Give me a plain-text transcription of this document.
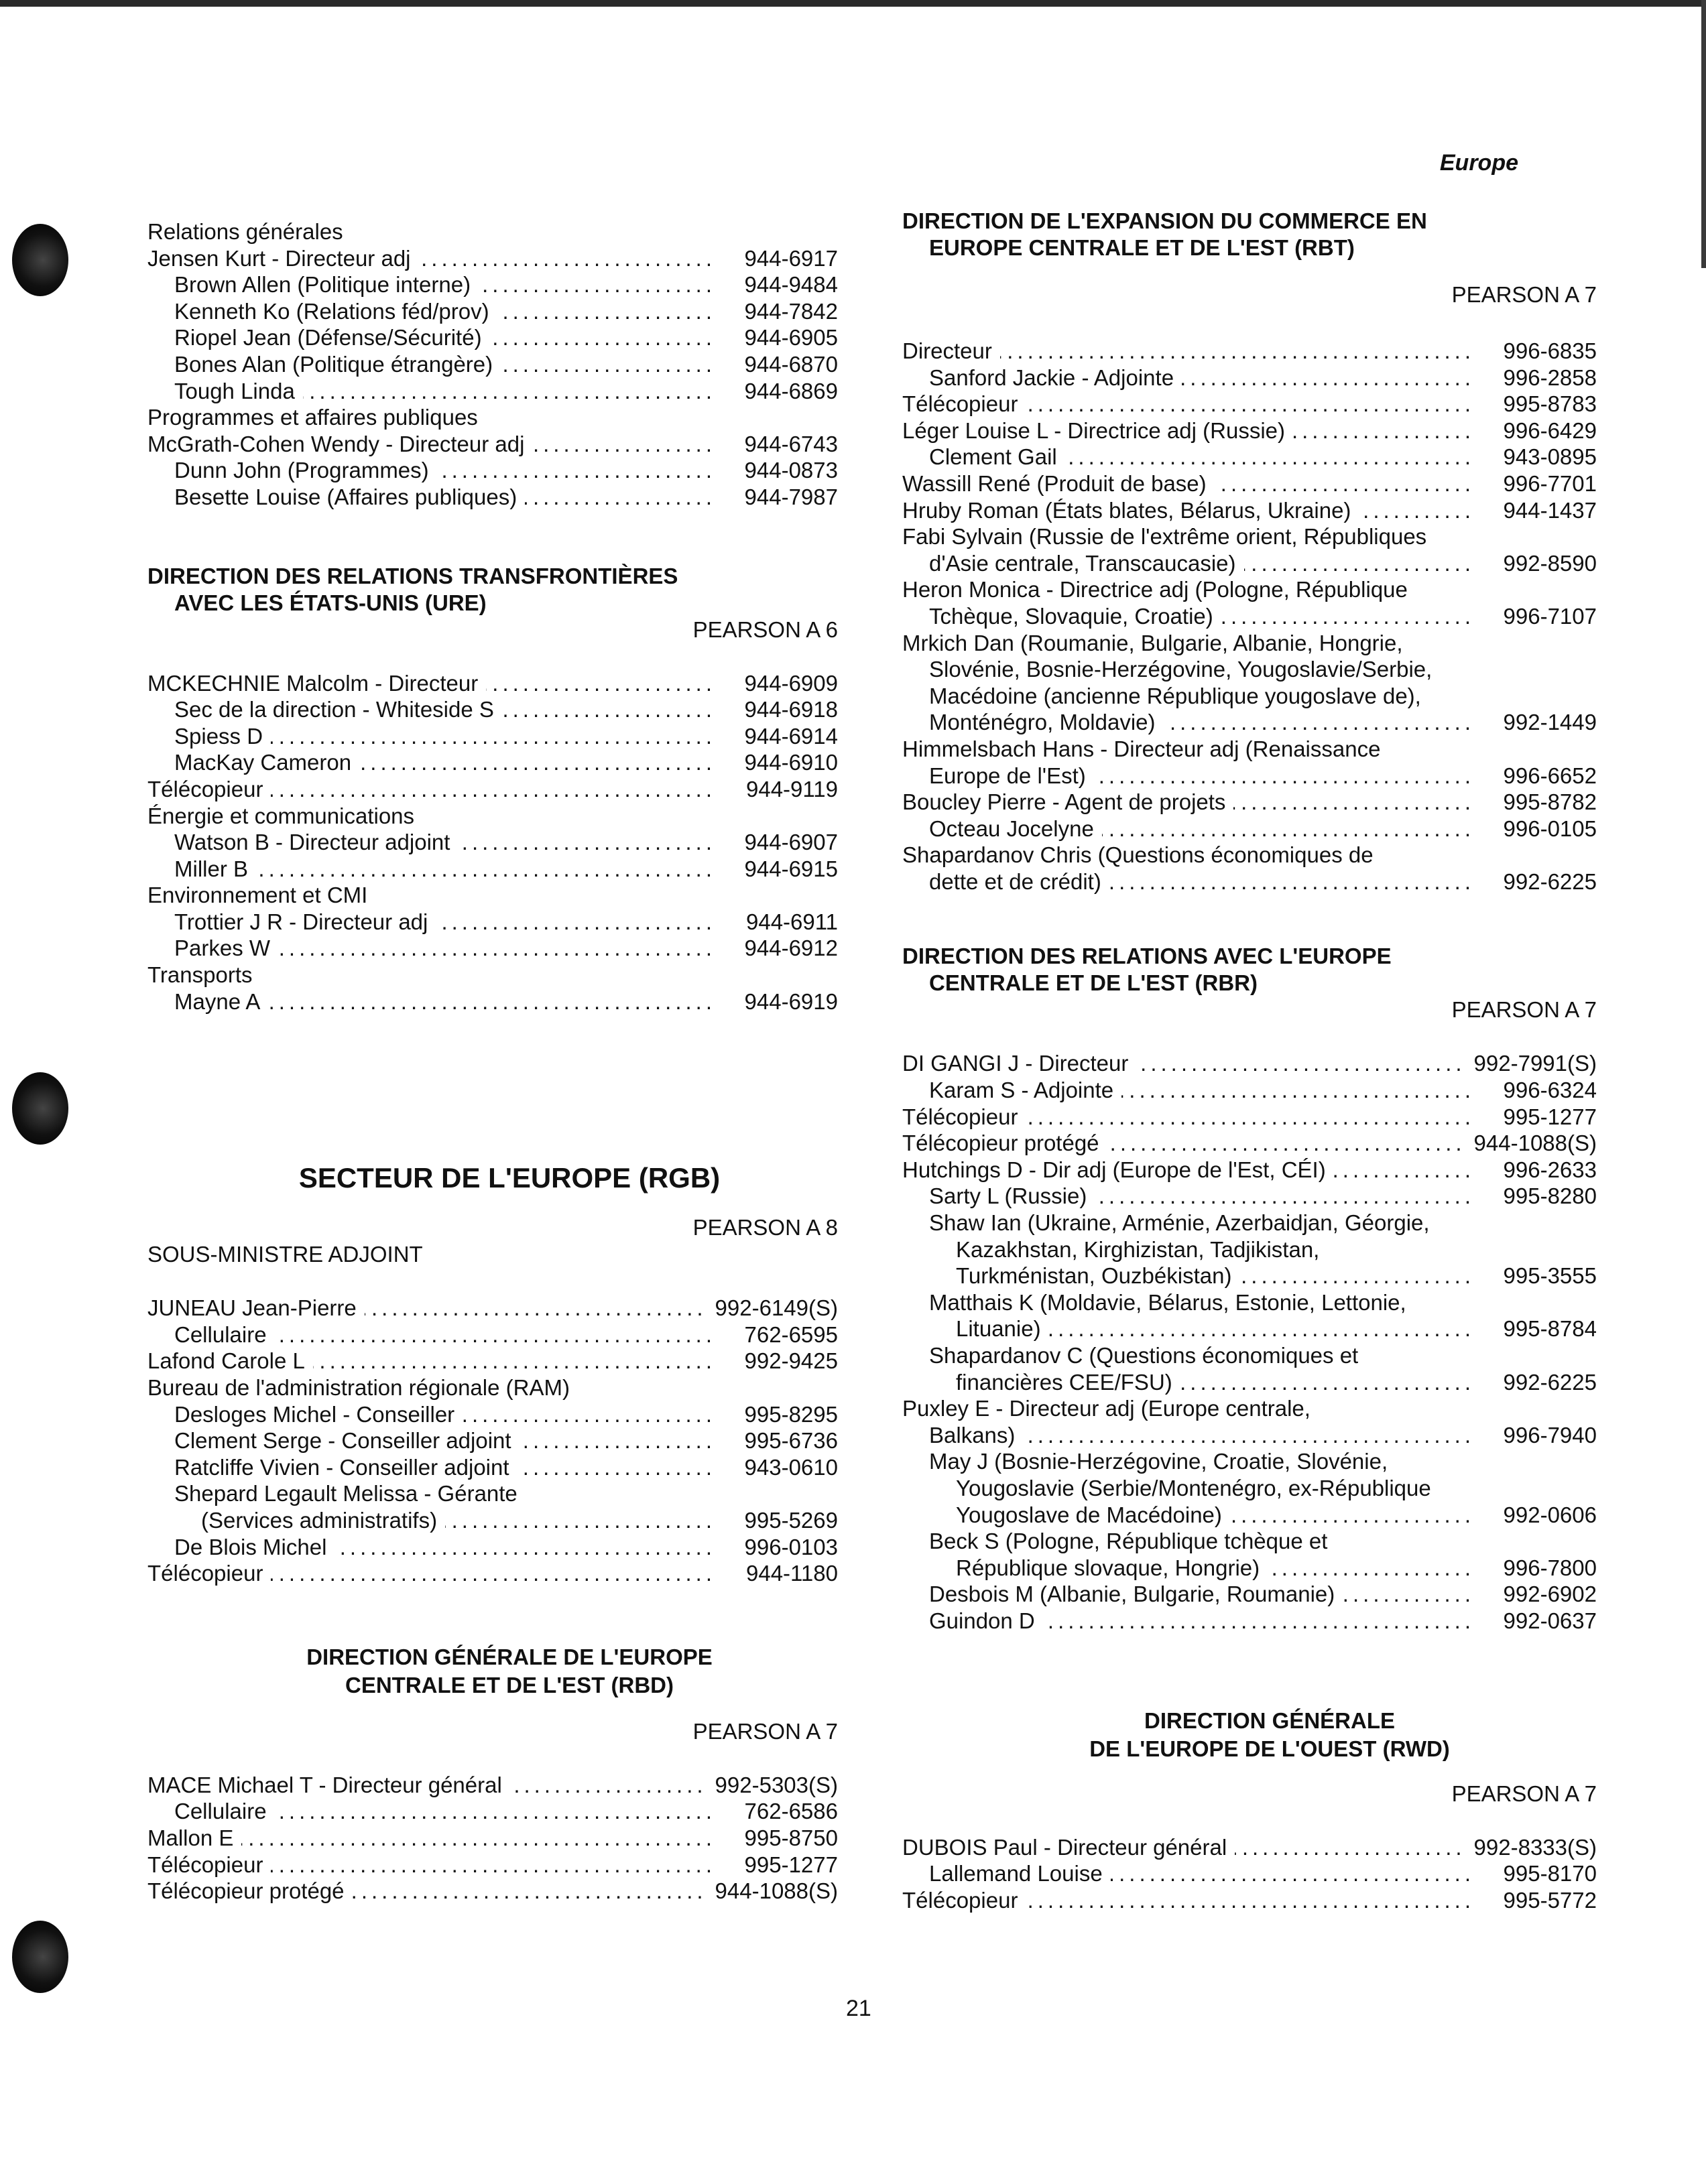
Europe
Relations générales
Jensen Kurt - Directeur adj .....	944-6917
Brown Allen (Politique interne) .....	944-9484
Kenneth Ko (Relations féd/prov) .....	944-7842
Riopel Jean (Défense/Sécurité) .....	944-6905
Bones Alan (Politique étrangère) .....	944-6870
Tough Linda .....	944-6869
Programmes et affaires publiques
McGrath-Cohen Wendy - Directeur adj .....	944-6743
Dunn John (Programmes) .....	944-0873
Besette Louise (Affaires publiques) .....	944-7987
DIRECTION DES RELATIONS TRANSFRONTIÈRES
AVEC LES ÉTATS-UNIS (URE)
PEARSON A 6
MCKECHNIE Malcolm - Directeur .....	944-6909
Sec de la direction - Whiteside S .....	944-6918
Spiess D .....	944-6914
MacKay Cameron .....	944-6910
Télécopieur .....	944-9119
Énergie et communications
Watson B - Directeur adjoint .....	944-6907
Miller B .....	944-6915
Environnement et CMI
Trottier J R - Directeur adj .....	944-6911
Parkes W .....	944-6912
Transports
Mayne A .....	944-6919
SECTEUR DE L'EUROPE (RGB)
PEARSON A 8
SOUS-MINISTRE ADJOINT
JUNEAU Jean-Pierre .....	992-6149(S)
Cellulaire .....	762-6595
Lafond Carole L .....	992-9425
Bureau de l'administration régionale (RAM)
Desloges Michel - Conseiller .....	995-8295
Clement Serge - Conseiller adjoint .....	995-6736
Ratcliffe Vivien - Conseiller adjoint .....	943-0610
Shepard Legault Melissa - Gérante
(Services administratifs) .....	995-5269
De Blois Michel .....	996-0103
Télécopieur .....	944-1180
DIRECTION GÉNÉRALE DE L'EUROPE
CENTRALE ET DE L'EST (RBD)
PEARSON A 7
MACE Michael T - Directeur général .....	992-5303(S)
Cellulaire .....	762-6586
Mallon E .....	995-8750
Télécopieur .....	995-1277
Télécopieur protégé .....	944-1088(S)
DIRECTION DE L'EXPANSION DU COMMERCE EN
EUROPE CENTRALE ET DE L'EST (RBT)
PEARSON A 7
Directeur .....	996-6835
Sanford Jackie - Adjointe .....	996-2858
Télécopieur .....	995-8783
Léger Louise L - Directrice adj (Russie) .....	996-6429
Clement Gail .....	943-0895
Wassill René (Produit de base) .....	996-7701
Hruby Roman (États blates, Bélarus, Ukraine) .....	944-1437
Fabi Sylvain (Russie de l'extrême orient, Républiques
d'Asie centrale, Transcaucasie) .....	992-8590
Heron Monica - Directrice adj (Pologne, République
Tchèque, Slovaquie, Croatie) .....	996-7107
Mrkich Dan (Roumanie, Bulgarie, Albanie, Hongrie,
Slovénie, Bosnie-Herzégovine, Yougoslavie/Serbie,
Macédoine (ancienne République yougoslave de),
Monténégro, Moldavie) .....	992-1449
Himmelsbach Hans - Directeur adj (Renaissance
Europe de l'Est) .....	996-6652
Boucley Pierre - Agent de projets .....	995-8782
Octeau Jocelyne .....	996-0105
Shapardanov Chris (Questions économiques de
dette et de crédit) .....	992-6225
DIRECTION DES RELATIONS AVEC L'EUROPE
CENTRALE ET DE L'EST (RBR)
PEARSON A 7
DI GANGI J - Directeur .....	992-7991(S)
Karam S - Adjointe .....	996-6324
Télécopieur .....	995-1277
Télécopieur protégé .....	944-1088(S)
Hutchings D - Dir adj (Europe de l'Est, CÉI) .....	996-2633
Sarty L (Russie) .....	995-8280
Shaw Ian (Ukraine, Arménie, Azerbaidjan, Géorgie,
Kazakhstan, Kirghizistan, Tadjikistan,
Turkménistan, Ouzbékistan) .....	995-3555
Matthais K (Moldavie, Bélarus, Estonie, Lettonie,
Lituanie) .....	995-8784
Shapardanov C (Questions économiques et
financières CEE/FSU) .....	992-6225
Puxley E - Directeur adj (Europe centrale,
Balkans) .....	996-7940
May J (Bosnie-Herzégovine, Croatie, Slovénie,
Yougoslavie (Serbie/Montenégro, ex-République
Yougoslave de Macédoine) .....	992-0606
Beck S (Pologne, République tchèque et
République slovaque, Hongrie) .....	996-7800
Desbois M (Albanie, Bulgarie, Roumanie) .....	992-6902
Guindon D .....	992-0637
DIRECTION GÉNÉRALE
DE L'EUROPE DE L'OUEST (RWD)
PEARSON A 7
DUBOIS Paul - Directeur général .....	992-8333(S)
Lallemand Louise .....	995-8170
Télécopieur .....	995-5772
21
